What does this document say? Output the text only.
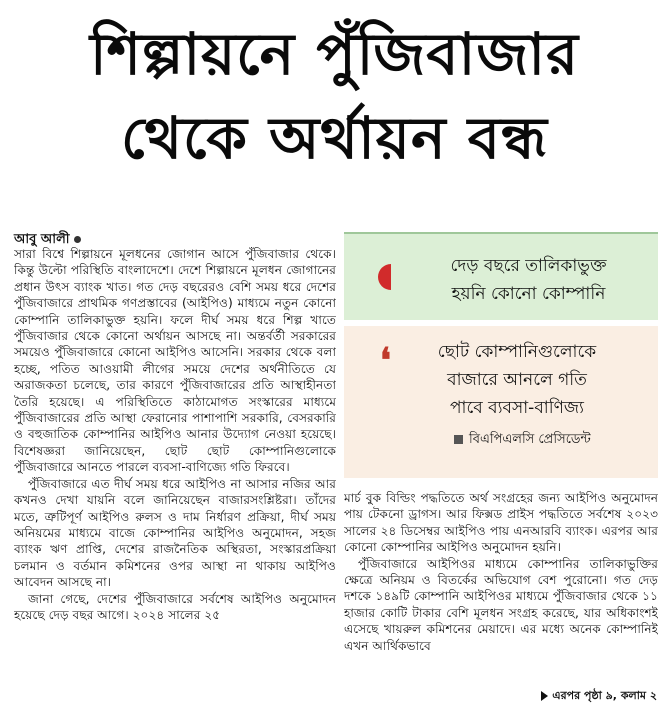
শিল্পায়নে পুঁজিবাজার
থেকে অর্থায়ন বন্ধ
আবু আলী

সারা বিশ্বে শিল্পায়নে মূলধনের জোগান আসে পুঁজিবাজার থেকে। কিন্তু উল্টো পরিস্থিতি বাংলাদেশে। দেশে শিল্পায়নে মূলধন জোগানের প্রধান উৎস ব্যাংক খাত। গত দেড় বছরেরও বেশি সময় ধরে দেশের পুঁজিবাজারে প্রাথমিক গণপ্রস্তাবের (আইপিও) মাধ্যমে নতুন কোনো কোম্পানি তালিকাভুক্ত হয়নি। ফলে দীর্ঘ সময় ধরে শিল্প খাতে পুঁজিবাজার থেকে কোনো অর্থায়ন আসছে না। অন্তর্বর্তী সরকারের সময়েও পুঁজিবাজারে কোনো আইপিও আসেনি। সরকার থেকে বলা হচ্ছে, পতিত আওয়ামী লীগের সময়ে দেশের অর্থনীতিতে যে অরাজকতা চলেছে, তার কারণে পুঁজিবাজারের প্রতি আস্থাহীনতা তৈরি হয়েছে। এ পরিস্থিতিতে কাঠামোগত সংস্কারের মাধ্যমে পুঁজিবাজারের প্রতি আস্থা ফেরানোর পাশাপাশি সরকারি, বেসরকারি ও বহুজাতিক কোম্পানির আইপিও আনার উদ্যোগ নেওয়া হয়েছে। বিশেষজ্ঞরা জানিয়েছেন, ছোট ছোট কোম্পানিগুলোকে পুঁজিবাজারে আনতে পারলে ব্যবসা-বাণিজ্যে গতি ফিরবে।

পুঁজিবাজারে এত দীর্ঘ সময় ধরে আইপিও না আসার নজির আর কখনও দেখা যায়নি বলে জানিয়েছেন বাজারসংশ্লিষ্টরা। তাঁদের মতে, ত্রুটিপূর্ণ আইপিও রুলস ও দাম নির্ধারণ প্রক্রিয়া, দীর্ঘ সময় অনিয়মের মাধ্যমে বাজে কোম্পানির আইপিও অনুমোদন, সহজ ব্যাংক ঋণ প্রাপ্তি, দেশের রাজনৈতিক অস্থিরতা, সংস্কারপ্রক্রিয়া চলমান ও বর্তমান কমিশনের ওপর আস্থা না থাকায় আইপিও আবেদন আসছে না।

জানা গেছে, দেশের পুঁজিবাজারে সর্বশেষ আইপিও অনুমোদন হয়েছে দেড় বছর আগে। ২০২৪ সালের ২৫

দেড় বছরে তালিকাভুক্ত
হয়নি কোনো কোম্পানি
❛	ছোট কোম্পানিগুলোকে
বাজারে আনলে গতি
পাবে ব্যবসা-বাণিজ্য
বিএপিএলসি প্রেসিডেন্ট

মার্চ বুক বিল্ডিং পদ্ধতিতে অর্থ সংগ্রহের জন্য আইপিও অনুমোদন পায় টেকনো ড্রাগস। আর ফিক্সড প্রাইস পদ্ধতিতে সর্বশেষ ২০২৩ সালের ২৪ ডিসেম্বর আইপিও পায় এনআরবি ব্যাংক। এরপর আর কোনো কোম্পানির আইপিও অনুমোদন হয়নি।

পুঁজিবাজারে আইপিওর মাধ্যমে কোম্পানির তালিকাভুক্তির ক্ষেত্রে অনিয়ম ও বিতর্কের অভিযোগ বেশ পুরোনো। গত দেড় দশকে ১৪৯টি কোম্পানি আইপিওর মাধ্যমে পুঁজিবাজার থেকে ১১ হাজার কোটি টাকার বেশি মূলধন সংগ্রহ করেছে, যার অধিকাংশই এসেছে খায়রুল কমিশনের মেয়াদে। এর মধ্যে অনেক কোম্পানিই এখন আর্থিকভাবে

এরপর পৃষ্ঠা ৯, কলাম ২
